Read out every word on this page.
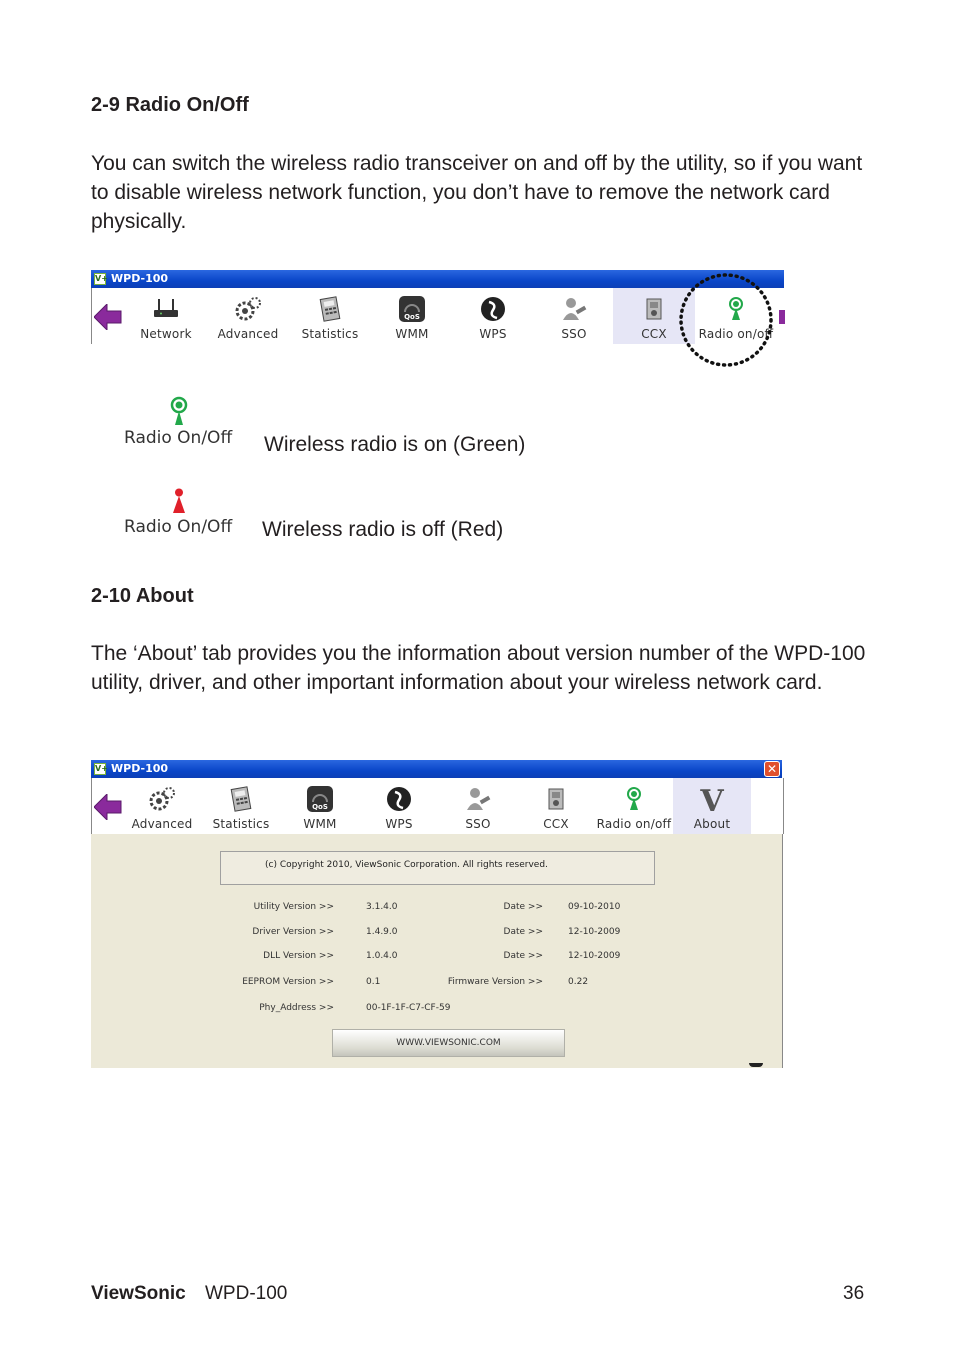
2-9 Radio On/Off

You can switch the wireless radio transceiver on and off by the utility, so if you want to disable wireless network function, you don’t have to remove the network card physically.

V+ WPD-100
Network	Advanced	Statistics
QoS
WMM	WPS	SSO	CCX	Radio on/off
Radio On/Off Wireless radio is on (Green)
Radio On/Off Wireless radio is off (Red)
2-10 About

The ‘About’ tab provides you the information about version number of the WPD-100 utility, driver, and other important information about your wireless network card.

V+ WPD-100	✕
Advanced	Statistics
QoS
WMM	WPS	SSO	CCX	Radio on/off
V
About
(c) Copyright 2010, ViewSonic Corporation. All rights reserved.
Utility Version >>	3.1.4.0	Date >>	09-10-2010
Driver Version >>	1.4.9.0	Date >>	12-10-2009
DLL Version >>	1.0.4.0	Date >>	12-10-2009
EEPROM Version >>	0.1	Firmware Version >>	0.22
Phy_Address >>	00-1F-1F-C7-CF-59
WWW.VIEWSONIC.COM
ViewSonic WPD-100	36
